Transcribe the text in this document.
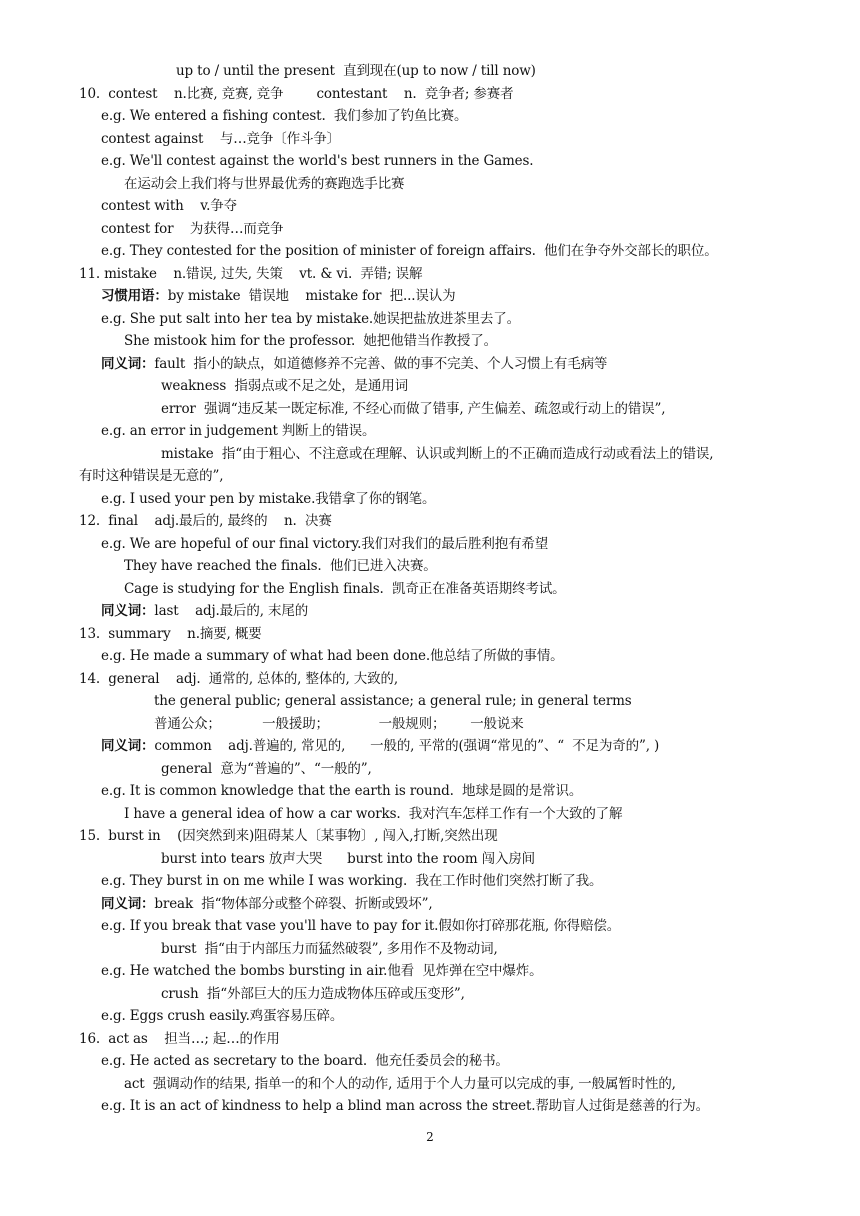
up to / until the present  直到现在(up to now / till now)
10.  contest    n.比赛, 竞赛, 竞争        contestant    n.  竞争者; 参赛者
e.g. We entered a fishing contest.  我们参加了钓鱼比赛。
contest against    与…竞争〔作斗争〕
e.g. We'll contest against the world's best runners in the Games.
在运动会上我们将与世界最优秀的赛跑选手比赛
contest with    v.争夺
contest for    为获得…而竞争
e.g. They contested for the position of minister of foreign affairs.  他们在争夺外交部长的职位。
11. mistake    n.错误, 过失, 失策    vt. & vi.  弄错; 误解
习惯用语：by mistake  错误地    mistake for  把...误认为
e.g. She put salt into her tea by mistake.她误把盐放进茶里去了。
She mistook him for the professor.  她把他错当作教授了。
同义词：fault  指小的缺点，如道德修养不完善、做的事不完美、个人习惯上有毛病等
weakness  指弱点或不足之处，是通用词
error  强调“违反某一既定标准, 不经心而做了错事, 产生偏差、疏忽或行动上的错误”,
e.g. an error in judgement 判断上的错误。
mistake  指“由于粗心、不注意或在理解、认识或判断上的不正确而造成行动或看法上的错误,
有时这种错误是无意的”,
e.g. I used your pen by mistake.我错拿了你的钢笔。
12.  final    adj.最后的, 最终的    n.  决赛
e.g. We are hopeful of our final victory.我们对我们的最后胜利抱有希望
They have reached the finals.  他们已进入决赛。
Cage is studying for the English finals.  凯奇正在准备英语期终考试。
同义词：last    adj.最后的, 末尾的
13.  summary    n.摘要, 概要
e.g. He made a summary of what had been done.他总结了所做的事情。
14.  general    adj.  通常的, 总体的, 整体的, 大致的,
the general public; general assistance; a general rule; in general terms
普通公众；          一般援助；            一般规则；      一般说来
同义词：common    adj.普遍的, 常见的,      一般的, 平常的(强调“常见的”、“  不足为奇的”, )
general  意为“普遍的”、“一般的”,
e.g. It is common knowledge that the earth is round.  地球是圆的是常识。
I have a general idea of how a car works.  我对汽车怎样工作有一个大致的了解
15.  burst in    (因突然到来)阻碍某人〔某事物〕, 闯入,打断,突然出现
burst into tears 放声大哭      burst into the room 闯入房间
e.g. They burst in on me while I was working.  我在工作时他们突然打断了我。
同义词：break  指“物体部分或整个碎裂、折断或毁坏”,
e.g. If you break that vase you'll have to pay for it.假如你打碎那花瓶, 你得赔偿。
burst  指“由于内部压力而猛然破裂”, 多用作不及物动词,
e.g. He watched the bombs bursting in air.他看  见炸弹在空中爆炸。
crush  指“外部巨大的压力造成物体压碎或压变形”,
e.g. Eggs crush easily.鸡蛋容易压碎。
16.  act as    担当…; 起…的作用
e.g. He acted as secretary to the board.  他充任委员会的秘书。
act  强调动作的结果, 指单一的和个人的动作, 适用于个人力量可以完成的事, 一般属暂时性的,
e.g. It is an act of kindness to help a blind man across the street.帮助盲人过街是慈善的行为。
2
